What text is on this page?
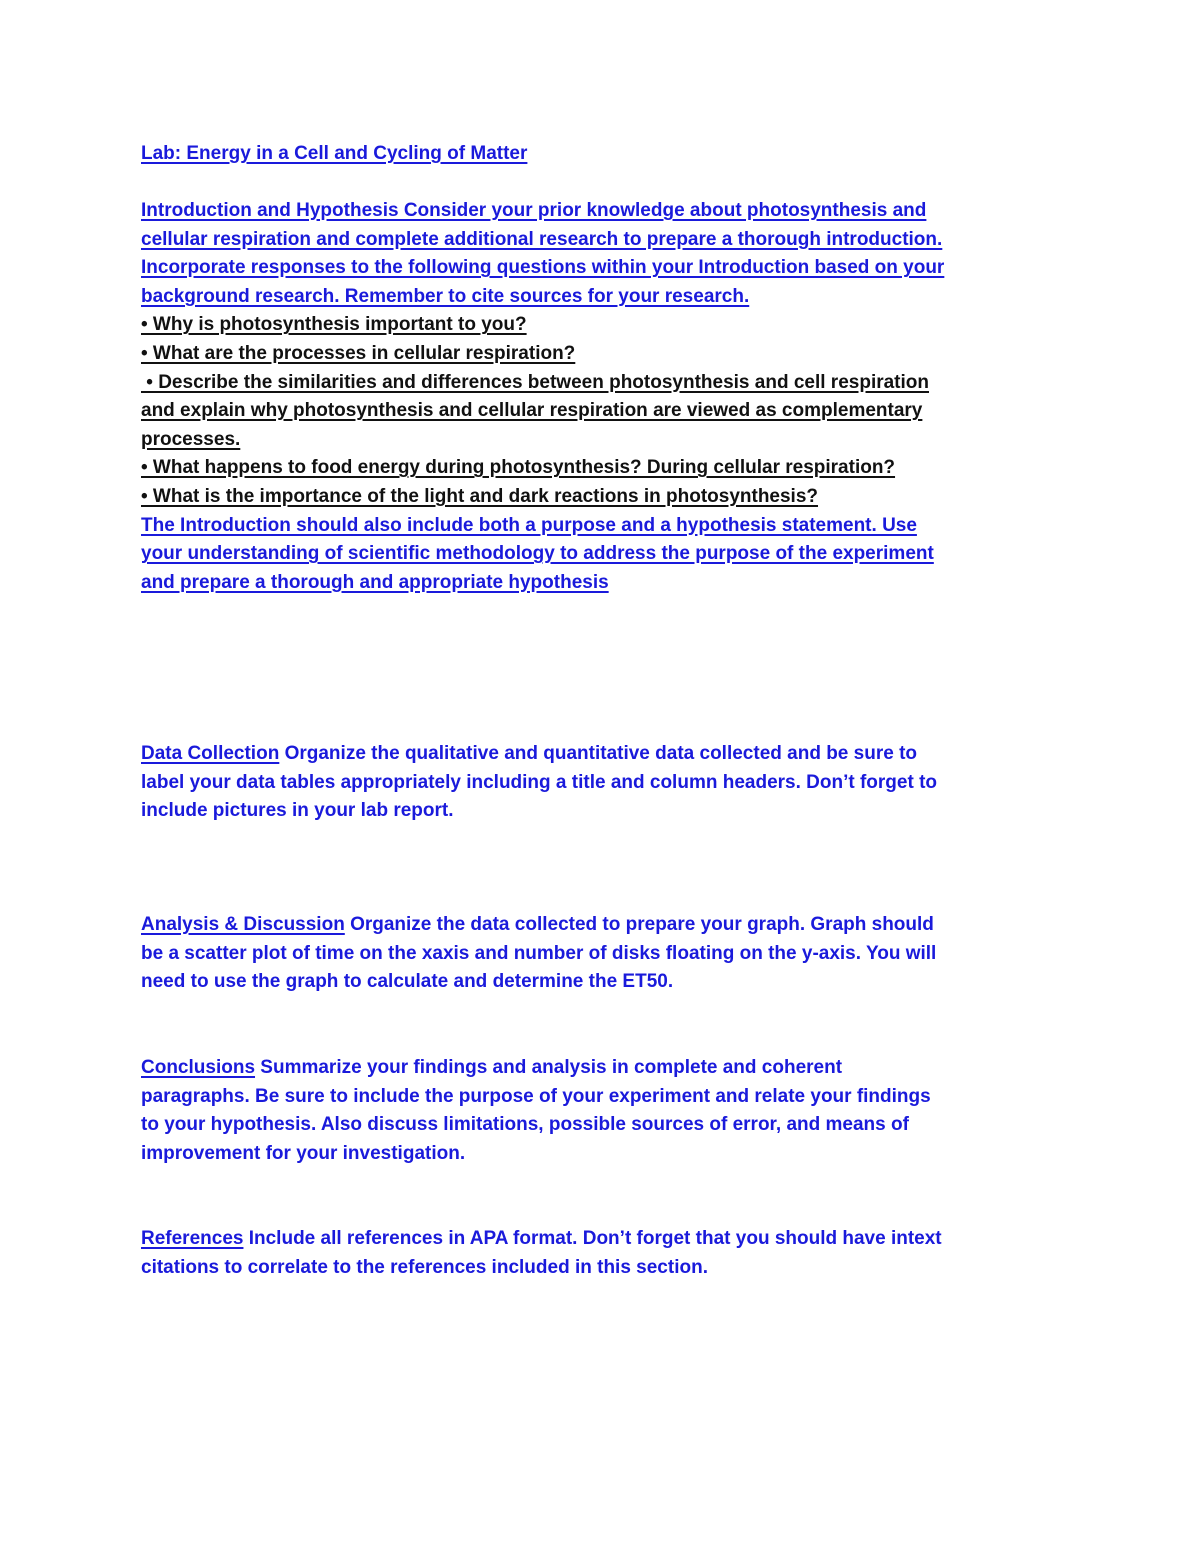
Lab: Energy in a Cell and Cycling of Matter

Introduction and Hypothesis Consider your prior knowledge about photosynthesis and

cellular respiration and complete additional research to prepare a thorough introduction.

Incorporate responses to the following questions within your Introduction based on your

background research. Remember to cite sources for your research.

• Why is photosynthesis important to you?

• What are the processes in cellular respiration?

• Describe the similarities and differences between photosynthesis and cell respiration

and explain why photosynthesis and cellular respiration are viewed as complementary

processes.

• What happens to food energy during photosynthesis? During cellular respiration?

• What is the importance of the light and dark reactions in photosynthesis?

The Introduction should also include both a purpose and a hypothesis statement. Use

your understanding of scientific methodology to address the purpose of the experiment

and prepare a thorough and appropriate hypothesis

Data Collection Organize the qualitative and quantitative data collected and be sure to

label your data tables appropriately including a title and column headers. Don’t forget to

include pictures in your lab report.

Analysis & Discussion Organize the data collected to prepare your graph. Graph should

be a scatter plot of time on the xaxis and number of disks floating on the y-axis. You will

need to use the graph to calculate and determine the ET50.

Conclusions Summarize your findings and analysis in complete and coherent

paragraphs. Be sure to include the purpose of your experiment and relate your findings

to your hypothesis. Also discuss limitations, possible sources of error, and means of

improvement for your investigation.

References Include all references in APA format. Don’t forget that you should have intext

citations to correlate to the references included in this section.
